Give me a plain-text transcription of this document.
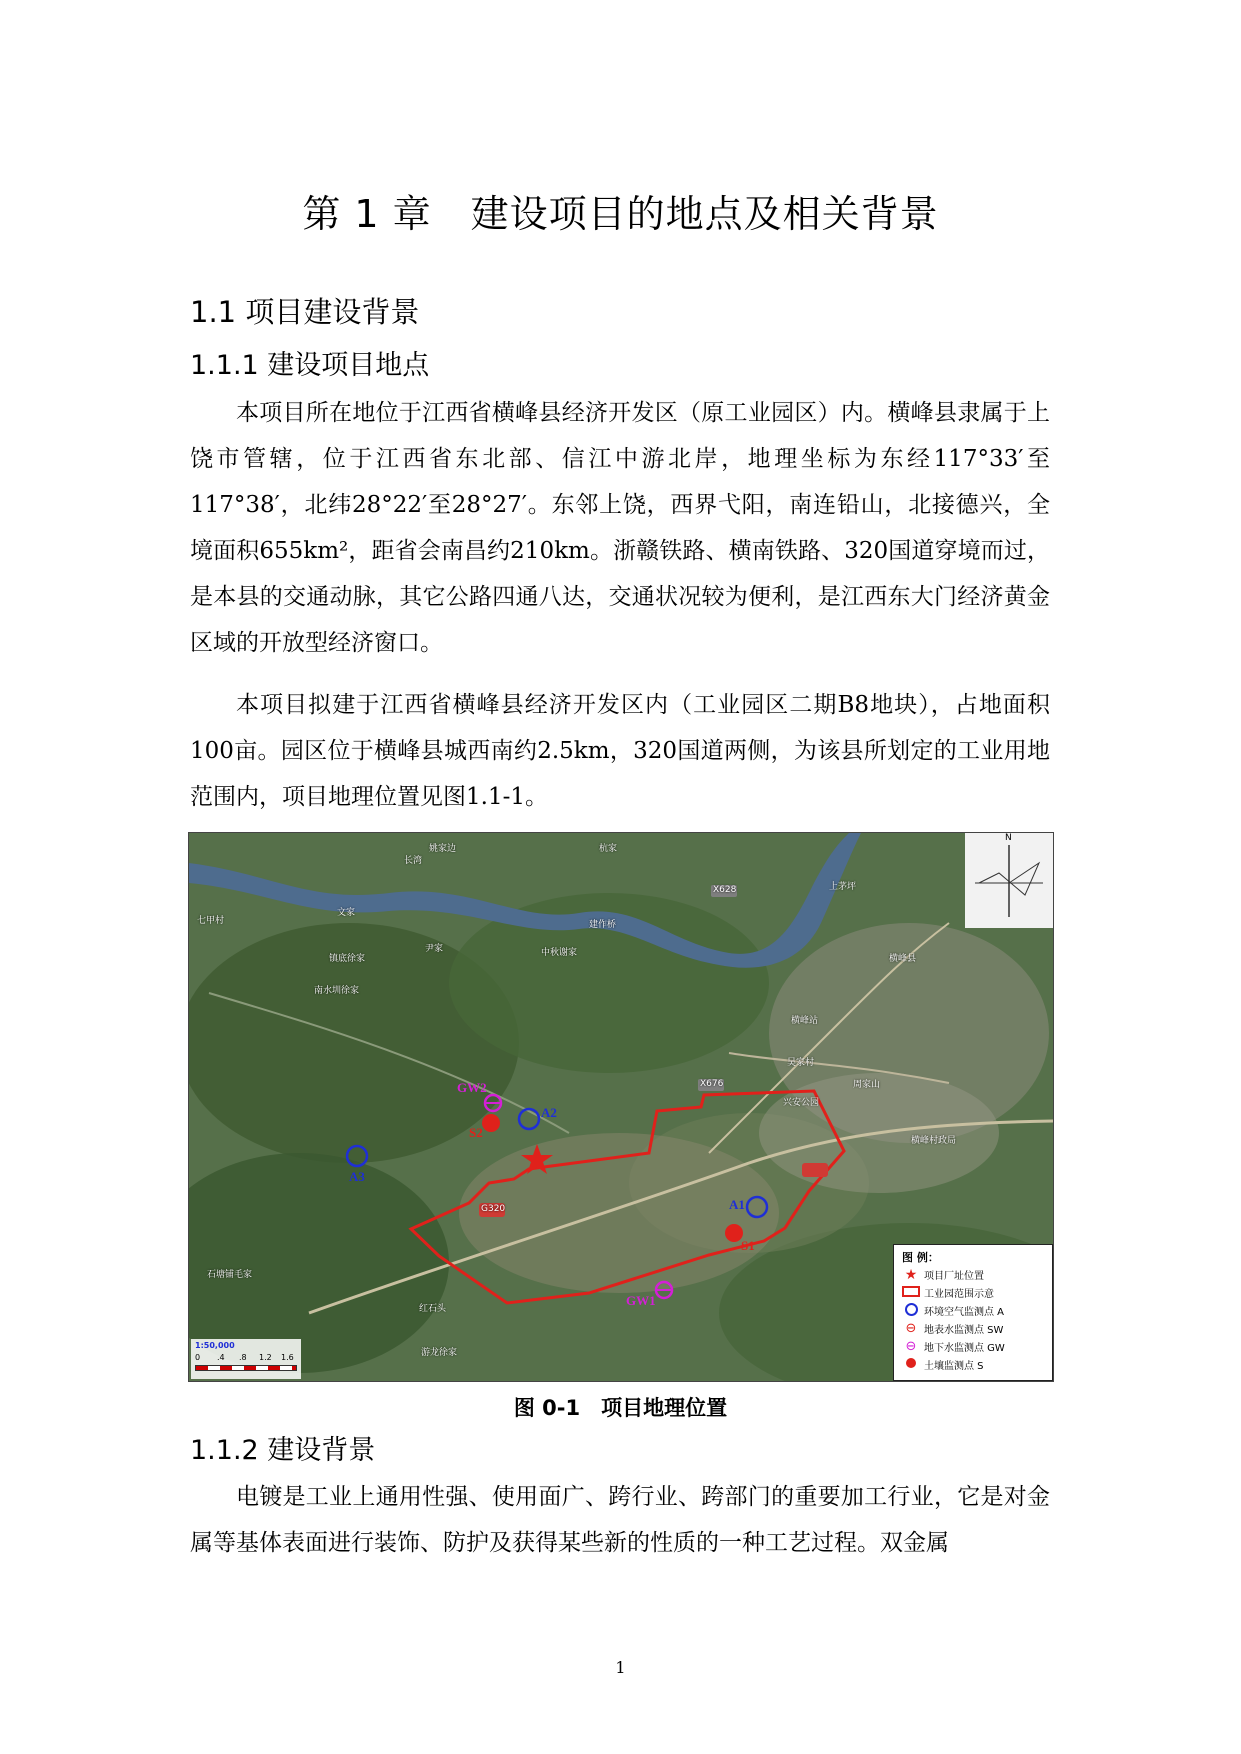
第 1 章　建设项目的地点及相关背景
1.1 项目建设背景
1.1.1 建设项目地点

本项目所在地位于江西省横峰县经济开发区（原工业园区）内。横峰县隶属于上饶市管辖，位于江西省东北部、信江中游北岸，地理坐标为东经117°33′至117°38′，北纬28°22′至28°27′。东邻上饶，西界弋阳，南连铅山，北接德兴，全境面积655km²，距省会南昌约210km。浙赣铁路、横南铁路、320国道穿境而过，是本县的交通动脉，其它公路四通八达，交通状况较为便利，是江西东大门经济黄金区域的开放型经济窗口。

本项目拟建于江西省横峰县经济开发区内（工业园区二期B8地块），占地面积100亩。园区位于横峰县城西南约2.5km，320国道两侧，为该县所划定的工业用地范围内，项目地理位置见图1.1-1。

A3
A2
A1
S2
S1
GW2
GW1
长湾
姚家边
七甲村
文家
尹家
杭家
镇底徐家
中秋谢家
建作桥
南水圳徐家
横峰县
横峰站
兴安公园
吴家村
周家山
石塘铺毛家
红石头
游龙徐家
横峰村政局
上茅坪
G320
X676
X628
N
1:50,000
0 .4 .8 1.2 1.6
图 例：
★ 项目厂址位置
工业园范围示意
环境空气监测点 A
⊖ 地表水监测点 SW
⊖ 地下水监测点 GW
土壤监测点 S
图 0-1　项目地理位置
1.1.2 建设背景

电镀是工业上通用性强、使用面广、跨行业、跨部门的重要加工行业，它是对金属等基体表面进行装饰、防护及获得某些新的性质的一种工艺过程。双金属

1
